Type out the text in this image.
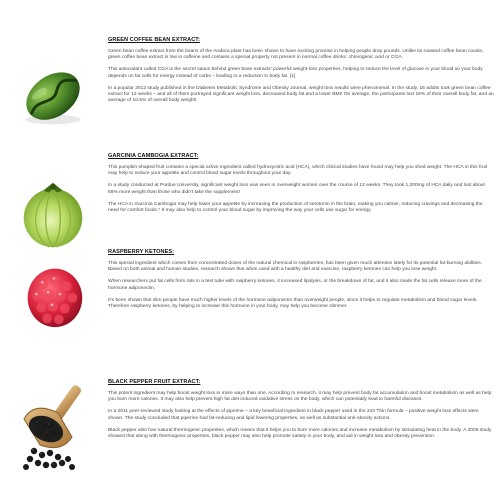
GREEN COFFEE BEAN EXTRACT:

Green bean coffee extract from the beans of the Arabica plant has been shown to have exciting promise in helping people drop pounds. Unlike its roasted coffee bean cousin, green coffee bean extract is low in caffeine and contains a special property not present in normal coffee drinks: chlorogenic acid or CGA.

This antioxidant called CGA is the secret sauce behind green bean extracts' powerful weight-loss properties, helping to reduce the level of glucose in your blood so your body depends on fat cells for energy instead of carbs – leading to a reduction in body fat. [1]

In a popular 2012 study published in the Diabetes Metabolic Syndrome and Obesity Journal, weight loss results were phenomenal. In the study, 16 adults took green bean coffee extract for 12 weeks – and all of them portrayed significant weight loss, decreased body fat and a lower BMI! On average, the participants lost 16% of their overall body fat, and an average of 10.5% of overall body weight!

GARCINIA CAMBOGIA EXTRACT:

This pumpkin-shaped fruit contains a special active ingredient called hydroxycitric acid (HCA), which clinical studies have found may help you shed weight. The HCA in this fruit may help to reduce your appetite and control blood sugar levels throughout your day.

In a study conducted at Purdue University, significant weight loss was seen in overweight women over the course of 12 weeks. They took 1,200mg of HCA daily and lost about 55% more weight than those who didn't take the supplement!

The HCA in Garcinia Cambogia may help lower your appetite by increasing the production of serotonin in the brain, making you calmer, reducing cravings and decreasing the need for comfort foods.* It may also help to control your blood sugar by improving the way your cells use sugar for energy.

RASPBERRY KETONES:

This special ingredient which comes from concentrated doses of the natural chemical in raspberries, has been given much attention lately for its potential fat-burning abilities. Based on both animal and human studies, research shows that when used with a healthy diet and exercise, raspberry ketones can help you lose weight.

When researchers put fat cells from rats in a test tube with raspberry ketones, it increased lipolysis, or the breakdown of fat, and it also made the fat cells release more of the hormone adiponectin.

It's been shown that slim people have much higher levels of the hormone adiponectin than overweight people, since it helps to regulate metabolism and blood sugar levels. Therefore raspberry ketones, by helping to increase this hormone in your body, may help you become slimmer.

BLACK PEPPER FRUIT EXTRACT:

This potent ingredient may help boost weight loss in more ways than one. According to research, it may help prevent body fat accumulation and boost metabolism as well as help you burn more calories. It may also help prevent high fat diet induced oxidative stress on the body, which can potentially lead to harmful diseases.

In a 2011 peer-reviewed study looking at the effects of piperine – a key beneficial ingredient in black pepper used in the 310 Thin formula – positive weight loss effects were shown. The study concluded that piperine had fat-reducing and lipid lowering properties, as well as substantial anti-obesity actions.

Black pepper also has natural thermogenic properties, which means that it helps you to burn more calories and increase metabolism by stimulating heat in the body. A 2006 study showed that along with thermogenic properties, black pepper may also help promote satiety in your body, and aid in weight loss and obesity prevention.
